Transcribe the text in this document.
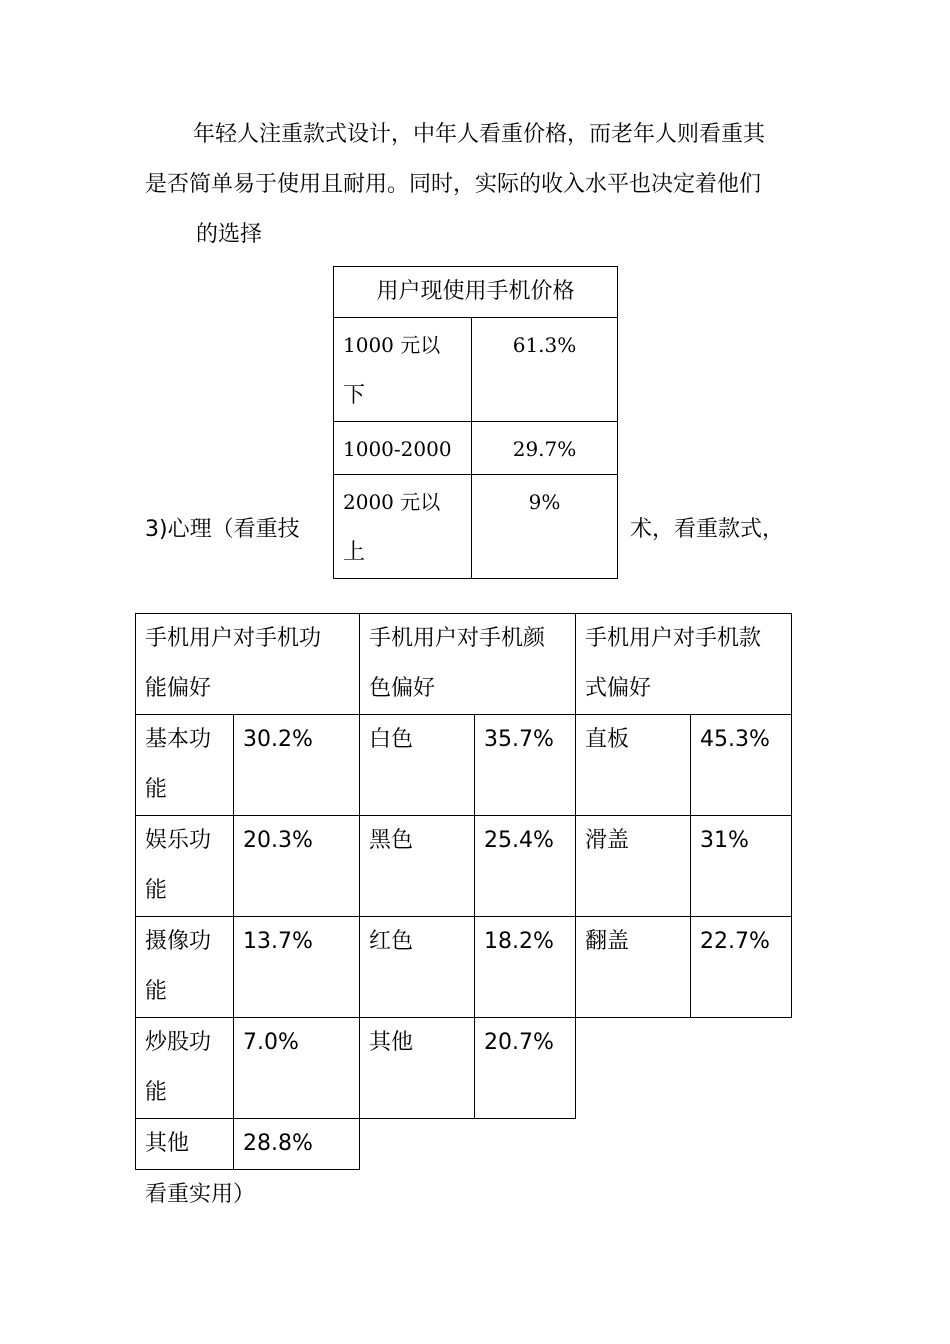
年轻人注重款式设计，中年人看重价格，而老年人则看重其
是否简单易于使用且耐用。同时，实际的收入水平也决定着他们
的选择
用户现使用手机价格	
1000 元以
下	61.3%
1000-2000	29.7%
2000 元以
上	9%
3)心理（看重技	术，看重款式，
手机用户对手机功
能偏好		手机用户对手机颜
色偏好		手机用户对手机款
式偏好	
基本功
能	30.2%	白色	35.7%	直板	45.3%
娱乐功
能	20.3%	黑色	25.4%	滑盖	31%
摄像功
能	13.7%	红色	18.2%	翻盖	22.7%
炒股功
能	7.0%	其他	20.7%		
其他	28.8%				
看重实用）
